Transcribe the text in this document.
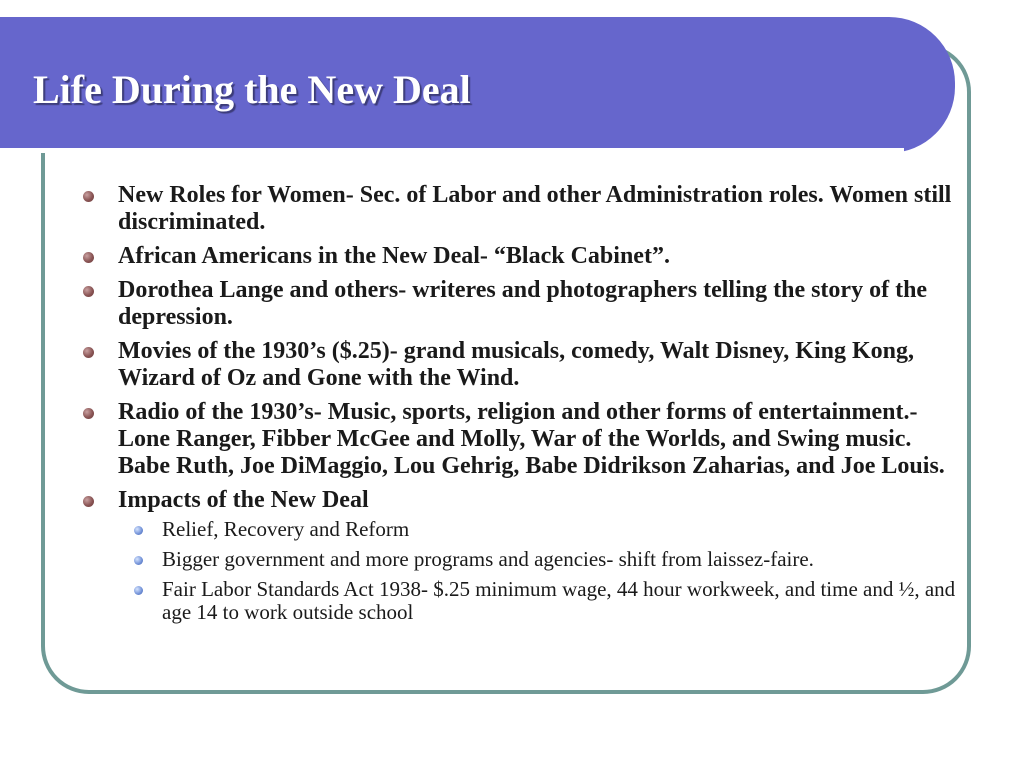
Life During the New Deal
New Roles for Women- Sec. of Labor and other Administration roles. Women still discriminated.
African Americans in the New Deal- “Black Cabinet”.
Dorothea Lange and others- writeres and photographers telling the story of the depression.
Movies of the 1930’s ($.25)- grand musicals, comedy, Walt Disney, King Kong, Wizard of Oz and Gone with the Wind.
Radio of the 1930’s- Music, sports, religion and other forms of entertainment.- Lone Ranger, Fibber McGee and Molly, War of the Worlds, and Swing music. Babe Ruth, Joe DiMaggio, Lou Gehrig, Babe Didrikson Zaharias, and Joe Louis.
Impacts of the New Deal
Relief, Recovery and Reform
Bigger government and more programs and agencies- shift from laissez-faire.
Fair Labor Standards Act 1938- $.25 minimum wage, 44 hour workweek, and time and ½, and age 14 to work outside school
